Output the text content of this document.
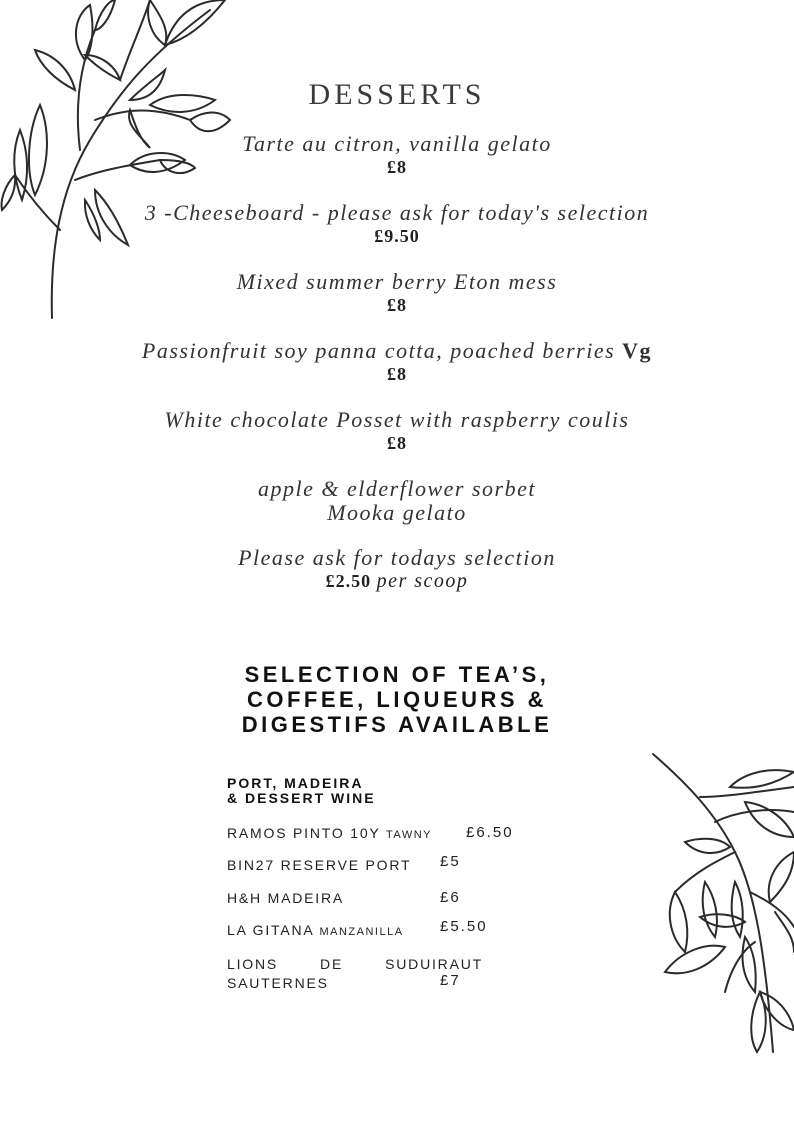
DESSERTS
Tarte au citron, vanilla gelato
£8
3 -Cheeseboard - please ask for today's selection
£9.50
Mixed summer berry Eton mess
£8
Passionfruit soy panna cotta, poached berries Vg
£8
White chocolate Posset with raspberry coulis
£8
apple & elderflower sorbet
Mooka gelato
Please ask for todays selection
£2.50 per scoop
SELECTION OF TEA’S,
COFFEE, LIQUEURS &
DIGESTIFS AVAILABLE
PORT, MADEIRA
& DESSERT WINE
RAMOS PINTO 10Y TAWNY £6.50
BIN27 RESERVE PORT £5
H&H MADEIRA	£6
LA GITANA MANZANILLA £5.50
LIONS DE SUDUIRAUT
SAUTERNES	£7
